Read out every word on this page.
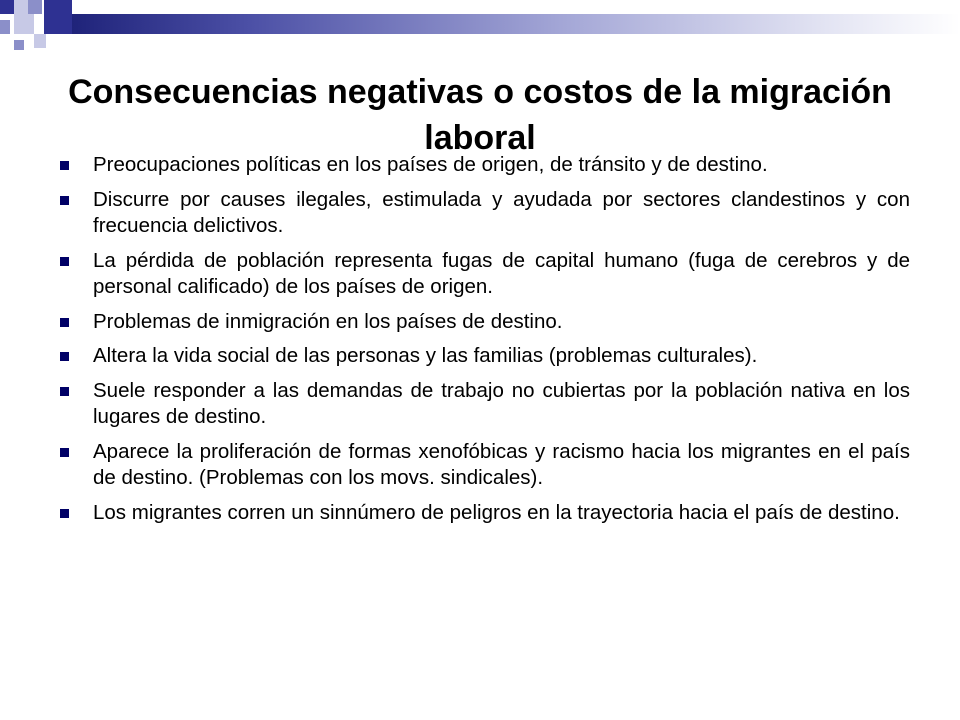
Consecuencias negativas o costos de la migración laboral
Preocupaciones políticas en los países de origen, de tránsito y de destino.
Discurre por causes ilegales, estimulada y ayudada por sectores clandestinos y con frecuencia delictivos.
La pérdida de población representa fugas de capital humano (fuga de cerebros y de personal calificado) de los países de origen.
Problemas de inmigración en los países de destino.
Altera la vida social de las personas y las familias (problemas culturales).
Suele responder a las demandas de trabajo no cubiertas por la población nativa en los lugares de destino.
Aparece la proliferación de formas xenofóbicas y racismo hacia los migrantes en el país de destino. (Problemas con los movs. sindicales).
Los migrantes corren un sinnúmero de peligros en la trayectoria hacia el país de destino.
